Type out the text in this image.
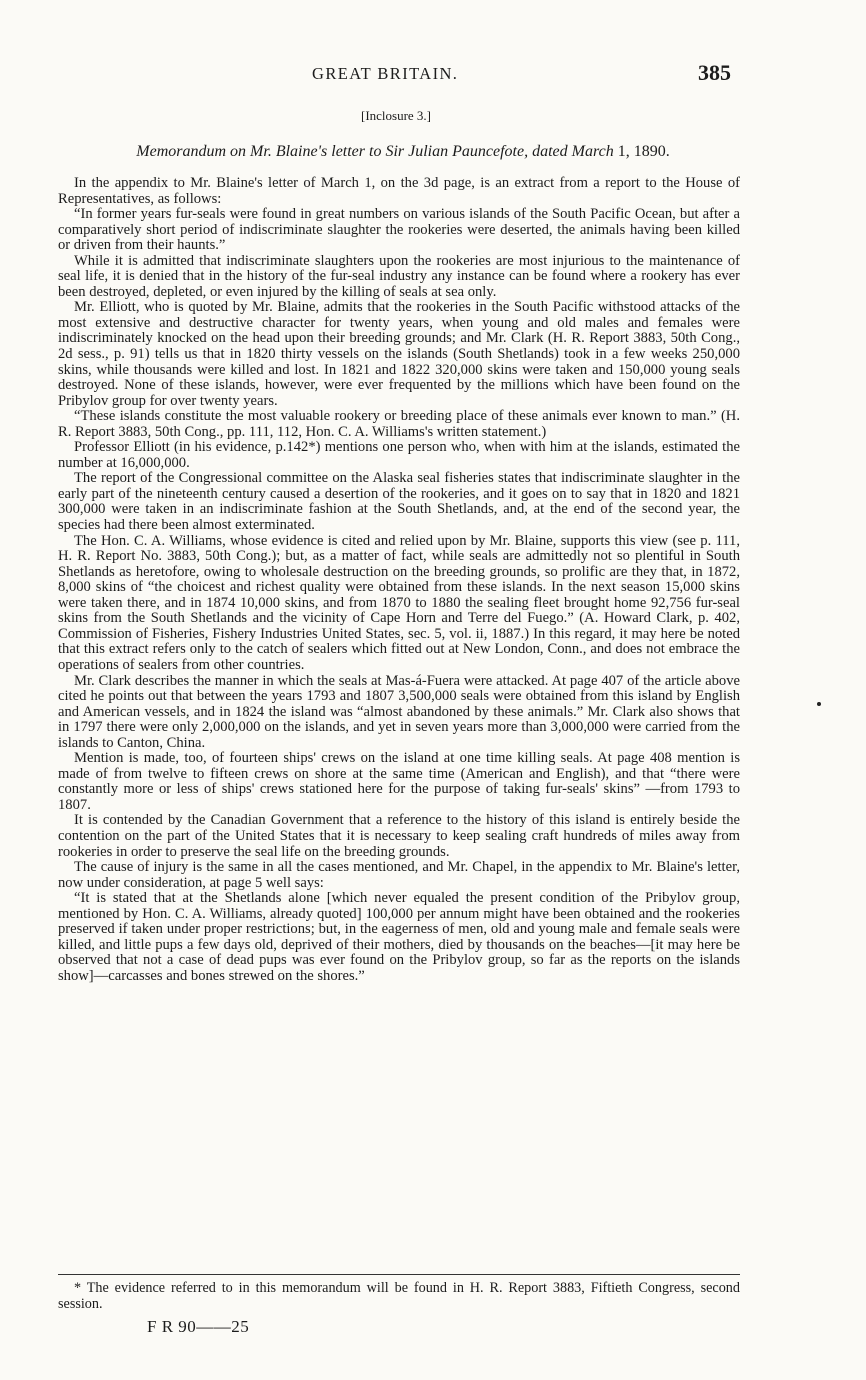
GREAT BRITAIN.	385
[Inclosure 3.]
Memorandum on Mr. Blaine's letter to Sir Julian Pauncefote, dated March 1, 1890.

In the appendix to Mr. Blaine's letter of March 1, on the 3d page, is an extract from a report to the House of Representatives, as follows:

“In former years fur-seals were found in great numbers on various islands of the South Pacific Ocean, but after a comparatively short period of indiscriminate slaughter the rookeries were deserted, the animals having been killed or driven from their haunts.”

While it is admitted that indiscriminate slaughters upon the rookeries are most injurious to the maintenance of seal life, it is denied that in the history of the fur-seal industry any instance can be found where a rookery has ever been destroyed, depleted, or even injured by the killing of seals at sea only.

Mr. Elliott, who is quoted by Mr. Blaine, admits that the rookeries in the South Pacific withstood attacks of the most extensive and destructive character for twenty years, when young and old males and females were indiscriminately knocked on the head upon their breeding grounds; and Mr. Clark (H. R. Report 3883, 50th Cong., 2d sess., p. 91) tells us that in 1820 thirty vessels on the islands (South Shetlands) took in a few weeks 250,000 skins, while thousands were killed and lost. In 1821 and 1822 320,000 skins were taken and 150,000 young seals destroyed. None of these islands, however, were ever frequented by the millions which have been found on the Pribylov group for over twenty years.

“These islands constitute the most valuable rookery or breeding place of these animals ever known to man.” (H. R. Report 3883, 50th Cong., pp. 111, 112, Hon. C. A. Williams's written statement.)

Professor Elliott (in his evidence, p.142*) mentions one person who, when with him at the islands, estimated the number at 16,000,000.

The report of the Congressional committee on the Alaska seal fisheries states that indiscriminate slaughter in the early part of the nineteenth century caused a desertion of the rookeries, and it goes on to say that in 1820 and 1821 300,000 were taken in an indiscriminate fashion at the South Shetlands, and, at the end of the second year, the species had there been almost exterminated.

The Hon. C. A. Williams, whose evidence is cited and relied upon by Mr. Blaine, supports this view (see p. 111, H. R. Report No. 3883, 50th Cong.); but, as a matter of fact, while seals are admittedly not so plentiful in South Shetlands as heretofore, owing to wholesale destruction on the breeding grounds, so prolific are they that, in 1872, 8,000 skins of “the choicest and richest quality were obtained from these islands. In the next season 15,000 skins were taken there, and in 1874 10,000 skins, and from 1870 to 1880 the sealing fleet brought home 92,756 fur-seal skins from the South Shetlands and the vicinity of Cape Horn and Terre del Fuego.” (A. Howard Clark, p. 402, Commission of Fisheries, Fishery Industries United States, sec. 5, vol. ii, 1887.) In this regard, it may here be noted that this extract refers only to the catch of sealers which fitted out at New London, Conn., and does not embrace the operations of sealers from other countries.

Mr. Clark describes the manner in which the seals at Mas-á-Fuera were attacked. At page 407 of the article above cited he points out that between the years 1793 and 1807 3,500,000 seals were obtained from this island by English and American vessels, and in 1824 the island was “almost abandoned by these animals.” Mr. Clark also shows that in 1797 there were only 2,000,000 on the islands, and yet in seven years more than 3,000,000 were carried from the islands to Canton, China.

Mention is made, too, of fourteen ships' crews on the island at one time killing seals. At page 408 mention is made of from twelve to fifteen crews on shore at the same time (American and English), and that “there were constantly more or less of ships' crews stationed here for the purpose of taking fur-seals' skins” —from 1793 to 1807.

It is contended by the Canadian Government that a reference to the history of this island is entirely beside the contention on the part of the United States that it is necessary to keep sealing craft hundreds of miles away from rookeries in order to preserve the seal life on the breeding grounds.

The cause of injury is the same in all the cases mentioned, and Mr. Chapel, in the appendix to Mr. Blaine's letter, now under consideration, at page 5 well says:

“It is stated that at the Shetlands alone [which never equaled the present condition of the Pribylov group, mentioned by Hon. C. A. Williams, already quoted] 100,000 per annum might have been obtained and the rookeries preserved if taken under proper restrictions; but, in the eagerness of men, old and young male and female seals were killed, and little pups a few days old, deprived of their mothers, died by thousands on the beaches—[it may here be observed that not a case of dead pups was ever found on the Pribylov group, so far as the reports on the islands show]—carcasses and bones strewed on the shores.”

* The evidence referred to in this memorandum will be found in H. R. Report 3883, Fiftieth Congress, second session.
F R 90——25
